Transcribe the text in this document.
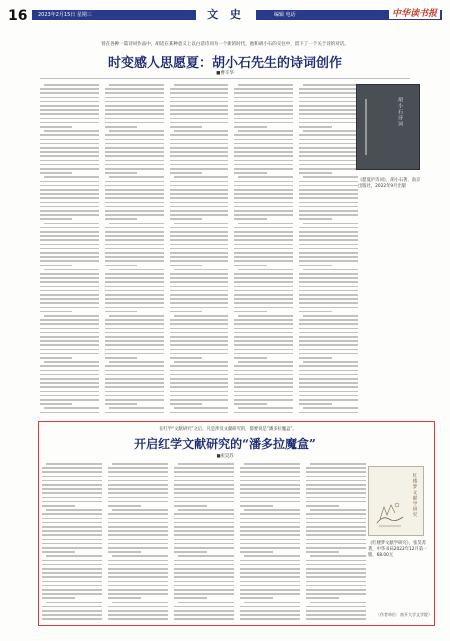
16 2023年2月15日 星期三	文 史	编辑 电话	中华读书报
曾在各种一篇诗词作品中，胡适在某种意义上以白话诗词为一个新的时代，他和胡小石的交往中，留下了一个关于诗的对话。
时变感人思愿夏：胡小石先生的诗词创作
■曹辛华
胡小石诗词
《愿夏庐诗词》，胡小石著，南京出版社，2022年9月出版
在红学“文献研究”之后，凡是涉及文献研究的，都要说是“潘多拉魔盒”。
开启红学文献研究的“潘多拉魔盒”
■张昊苏
红楼梦文献学研究
《红楼梦文献学研究》，张昊苏著，中华书局2022年12月第一版，68.00元
（作者单位：南开大学文学院）
